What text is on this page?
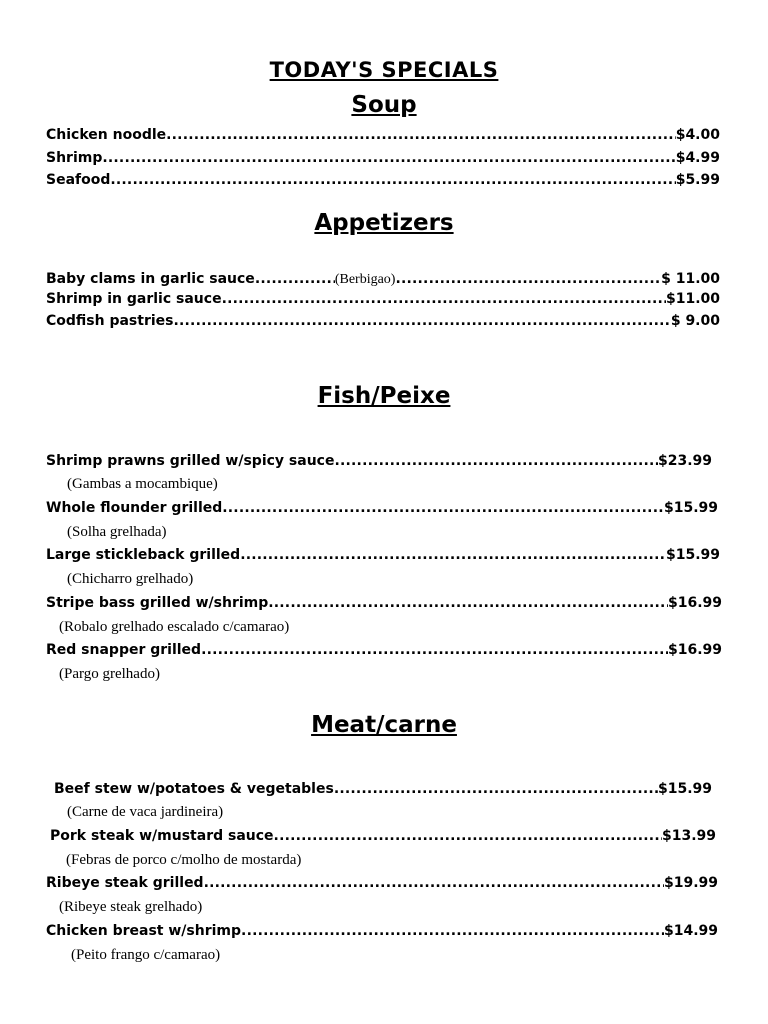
TODAY'S SPECIALS
Soup
Chicken noodle .....	$4.00
Shrimp .....	$4.99
Seafood .....	$5.99
Appetizers
Baby clams in garlic sauce .....	(Berbigao) .....	$ 11.00
Shrimp in garlic sauce .....	$11.00
Codfish pastries .....	$ 9.00
Fish/Peixe
Shrimp prawns grilled w/spicy sauce .....	$23.99
(Gambas a mocambique)
Whole flounder grilled .....	$15.99
(Solha grelhada)
Large stickleback grilled .....	$15.99
(Chicharro grelhado)
Stripe bass grilled w/shrimp .....	$16.99
(Robalo grelhado escalado c/camarao)
Red snapper grilled .....	$16.99
(Pargo grelhado)
Meat/carne
Beef stew w/potatoes & vegetables .....	$15.99
(Carne de vaca jardineira)
Pork steak w/mustard sauce .....	$13.99
(Febras de porco c/molho de mostarda)
Ribeye steak grilled .....	$19.99
(Ribeye steak grelhado)
Chicken breast w/shrimp .....	$14.99
(Peito frango c/camarao)
